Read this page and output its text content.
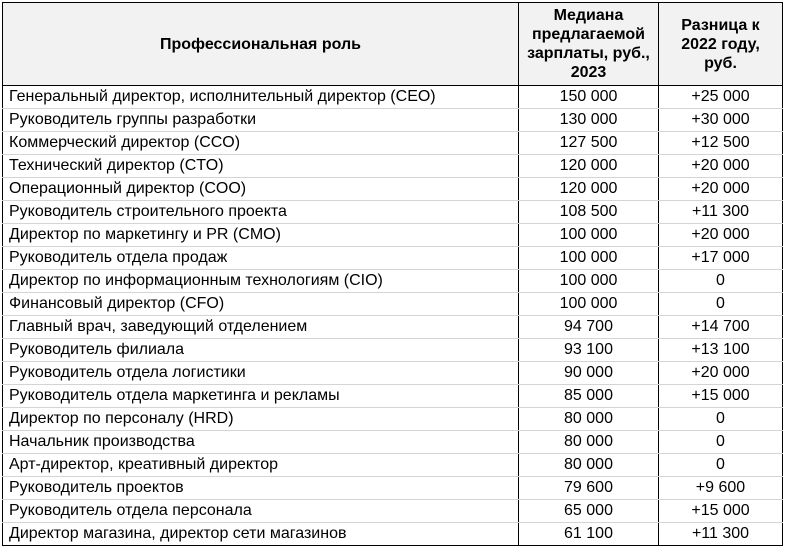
Профессиональная роль	Медиана предлагаемой зарплаты, руб., 2023	Разница к 2022 году, руб.
Генеральный директор, исполнительный директор (CEO)	150 000	+25 000
Руководитель группы разработки	130 000	+30 000
Коммерческий директор (CCO)	127 500	+12 500
Технический директор (CTO)	120 000	+20 000
Операционный директор (COO)	120 000	+20 000
Руководитель строительного проекта	108 500	+11 300
Директор по маркетингу и PR (CMO)	100 000	+20 000
Руководитель отдела продаж	100 000	+17 000
Директор по информационным технологиям (CIO)	100 000	0
Финансовый директор (CFO)	100 000	0
Главный врач, заведующий отделением	94 700	+14 700
Руководитель филиала	93 100	+13 100
Руководитель отдела логистики	90 000	+20 000
Руководитель отдела маркетинга и рекламы	85 000	+15 000
Директор по персоналу (HRD)	80 000	0
Начальник производства	80 000	0
Арт-директор, креативный директор	80 000	0
Руководитель проектов	79 600	+9 600
Руководитель отдела персонала	65 000	+15 000
Директор магазина, директор сети магазинов	61 100	+11 300
